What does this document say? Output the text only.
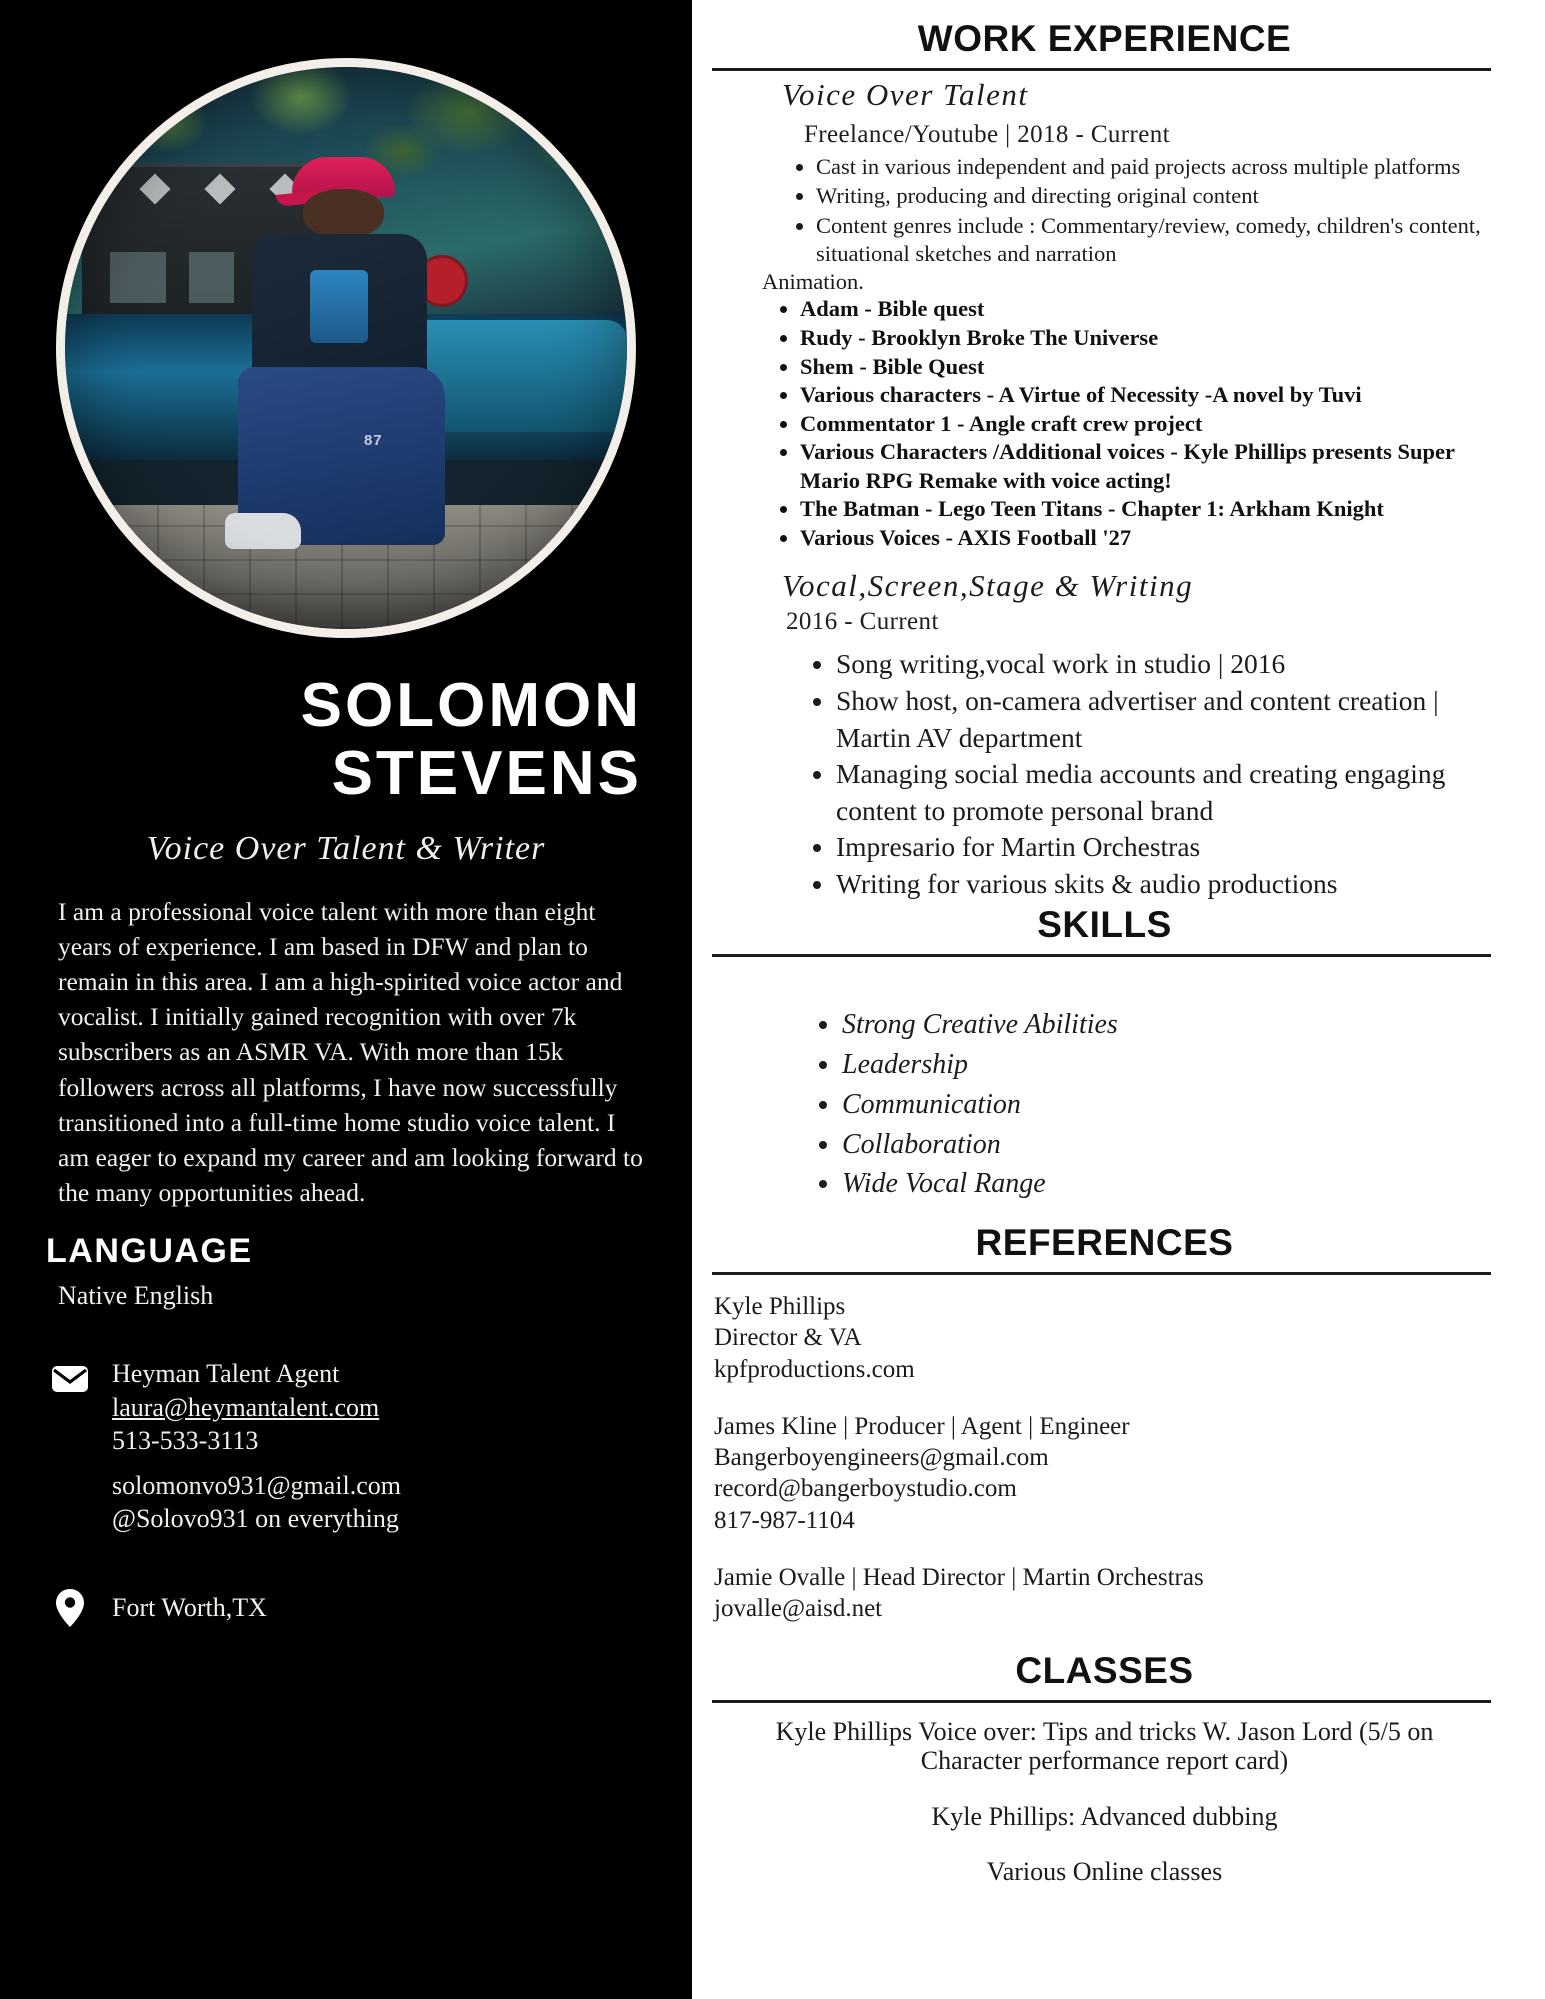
87
SOLOMON
STEVENS
Voice Over Talent & Writer

I am a professional voice talent with more than eight years of experience. I am based in DFW and plan to remain in this area. I am a high-spirited voice actor and vocalist. I initially gained recognition with over 7k subscribers as an ASMR VA. With more than 15k followers across all platforms, I have now successfully transitioned into a full-time home studio voice talent. I am eager to expand my career and am looking forward to the many opportunities ahead.

LANGUAGE
Native English
Heyman Talent Agent
laura@heymantalent.com
513-533-3113
solomonvo931@gmail.com
@Solovo931 on everything
Fort Worth,TX
WORK EXPERIENCE
Voice Over Talent
Freelance/Youtube | 2018 - Current
• Cast in various independent and paid projects across multiple platforms
• Writing, producing and directing original content
• Content genres include : Commentary/review, comedy, children's content, situational sketches and narration
Animation.
• Adam - Bible quest
• Rudy - Brooklyn Broke The Universe
• Shem - Bible Quest
• Various characters - A Virtue of Necessity -A novel by Tuvi
• Commentator 1 - Angle craft crew project
• Various Characters /Additional voices - Kyle Phillips presents Super Mario RPG Remake with voice acting!
• The Batman - Lego Teen Titans - Chapter 1: Arkham Knight
• Various Voices - AXIS Football '27
Vocal,Screen,Stage & Writing
2016 - Current
• Song writing,vocal work in studio | 2016
• Show host, on-camera advertiser and content creation | Martin AV department
• Managing social media accounts and creating engaging content to promote personal brand
• Impresario for Martin Orchestras
• Writing for various skits & audio productions
SKILLS
• Strong Creative Abilities
• Leadership
• Communication
• Collaboration
• Wide Vocal Range
REFERENCES
Kyle Phillips
Director & VA
kpfproductions.com
James Kline | Producer | Agent | Engineer
Bangerboyengineers@gmail.com
record@bangerboystudio.com
817-987-1104
Jamie Ovalle | Head Director | Martin Orchestras
jovalle@aisd.net
CLASSES
Kyle Phillips Voice over: Tips and tricks W. Jason Lord (5/5 on Character performance report card)
Kyle Phillips: Advanced dubbing
Various Online classes
